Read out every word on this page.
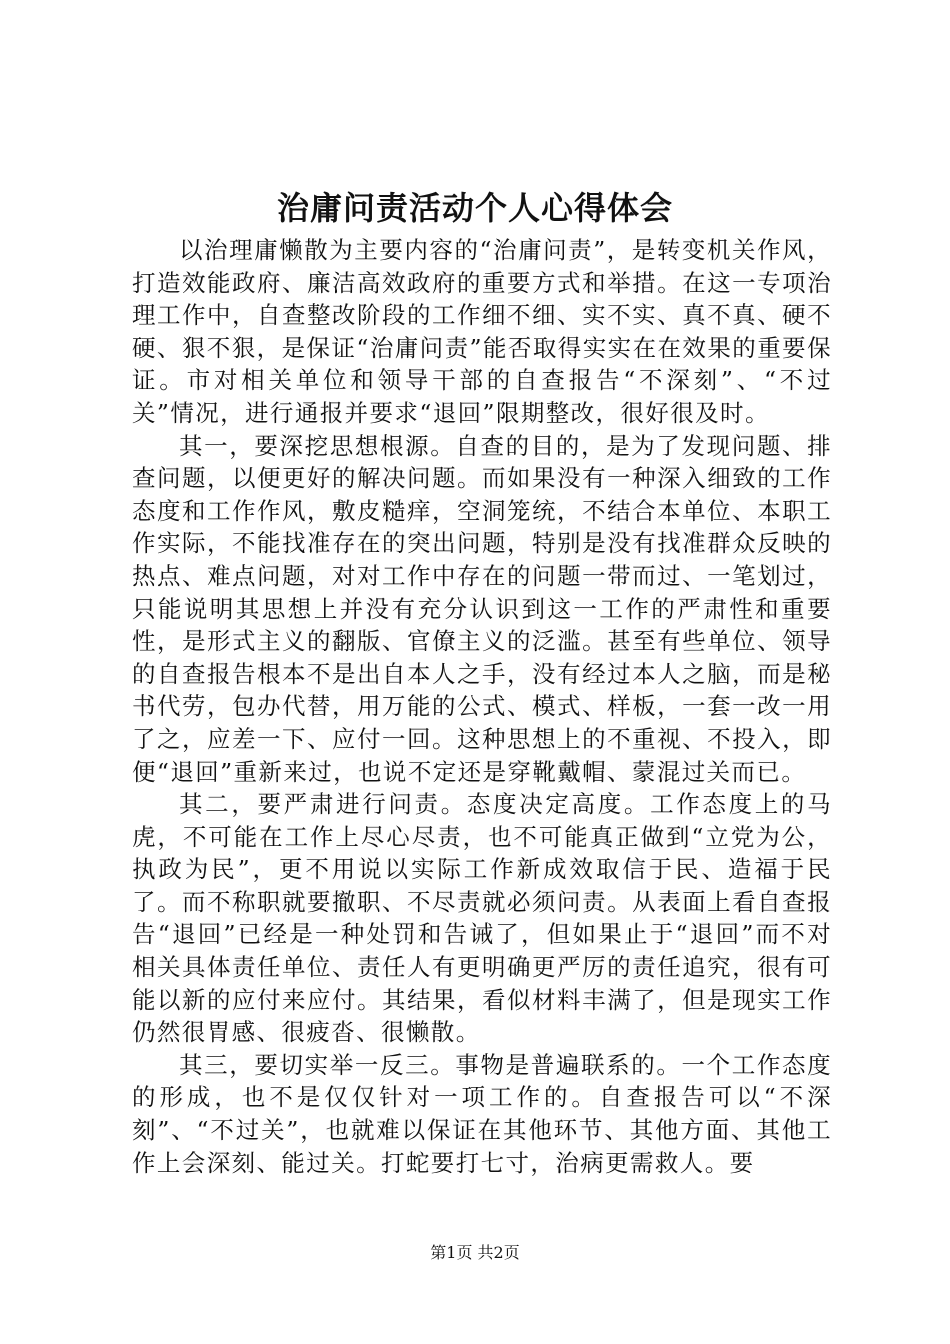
治庸问责活动个人心得体会

以治理庸懒散为主要内容的“治庸问责”，是转变机关作风，打造效能政府、廉洁高效政府的重要方式和举措。在这一专项治理工作中，自查整改阶段的工作细不细、实不实、真不真、硬不硬、狠不狠，是保证“治庸问责”能否取得实实在在效果的重要保证。市对相关单位和领导干部的自查报告“不深刻”、“不过关”情况，进行通报并要求“退回”限期整改，很好很及时。

其一，要深挖思想根源。自查的目的，是为了发现问题、排查问题，以便更好的解决问题。而如果没有一种深入细致的工作态度和工作作风，敷皮糙痒，空洞笼统，不结合本单位、本职工作实际，不能找准存在的突出问题，特别是没有找准群众反映的热点、难点问题，对对工作中存在的问题一带而过、一笔划过，只能说明其思想上并没有充分认识到这一工作的严肃性和重要性，是形式主义的翻版、官僚主义的泛滥。甚至有些单位、领导的自查报告根本不是出自本人之手，没有经过本人之脑，而是秘书代劳，包办代替，用万能的公式、模式、样板，一套一改一用了之，应差一下、应付一回。这种思想上的不重视、不投入，即便“退回”重新来过，也说不定还是穿靴戴帽、蒙混过关而已。

其二，要严肃进行问责。态度决定高度。工作态度上的马虎，不可能在工作上尽心尽责，也不可能真正做到“立党为公，执政为民”，更不用说以实际工作新成效取信于民、造福于民了。而不称职就要撤职、不尽责就必须问责。从表面上看自查报告“退回”已经是一种处罚和告诫了，但如果止于“退回”而不对相关具体责任单位、责任人有更明确更严厉的责任追究，很有可能以新的应付来应付。其结果，看似材料丰满了，但是现实工作仍然很胃感、很疲沓、很懒散。

其三，要切实举一反三。事物是普遍联系的。一个工作态度的形成，也不是仅仅针对一项工作的。自查报告可以“不深刻”、“不过关”，也就难以保证在其他环节、其他方面、其他工作上会深刻、能过关。打蛇要打七寸，治病更需救人。要

第1页 共2页
